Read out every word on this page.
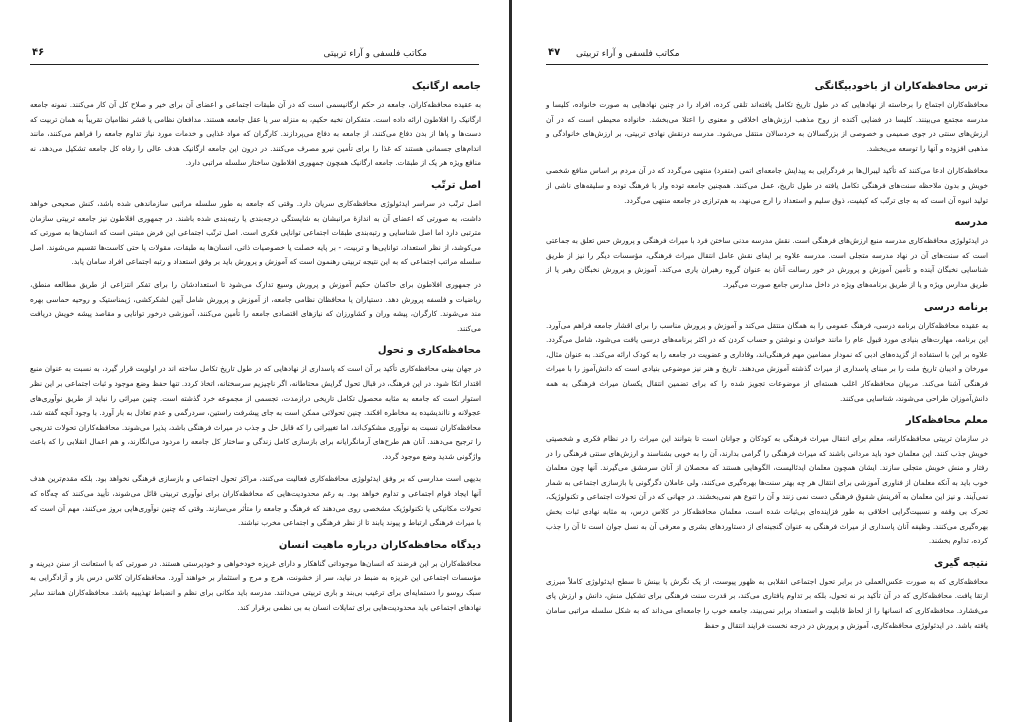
مکاتب فلسفی و آراء تربیتی
۴۶
جامعه ارگانیک

به عقیده محافظه‌کاران، جامعه در حکم ارگانیسمی است که در آن طبقات اجتماعی و اعضای آن برای خیر و صلاح کل آن کار می‌کنند. نمونه جامعه ارگانیک را افلاطون ارائه داده است. متفکران نخبه حکیم، به منزله سر یا عقل جامعه هستند. مدافعان نظامی یا قشر نظامیان تقریباً به همان تربیت که دست‌ها و پاها از بدن دفاع می‌کنند، از جامعه به دفاع می‌پردازند. کارگران که مواد غذایی و خدمات مورد نیاز تداوم جامعه را فراهم می‌کنند، مانند اندام‌های جسمانی هستند که غذا را برای تأمین نیرو مصرف می‌کنند. در درون این جامعه ارگانیک هدف عالی را رفاه کل جامعه تشکیل می‌دهد، نه منافع ویژه هر یک از طبقات. جامعه ارگانیک همچون جمهوری افلاطون ساختار سلسله مراتبی دارد.

اصل ترتّب

اصل ترتّب در سراسر ایدئولوژی محافظه‌کاری سریان دارد. وقتی که جامعه به طور سلسله مراتبی سازماندهی شده باشد، کنش صحیحی خواهد داشت، به صورتی که اعضای آن به اندازهٔ مرانبشان به شایستگی درجه‌بندی یا رتبه‌بندی شده باشند. در جمهوری افلاطون نیز جامعه تربیتی سازمان مترتبی دارد اما اصل شناسایی و رتبه‌بندی طبقات اجتماعی توانایی فکری است. اصل ترتّب اجتماعی این فرض مبتنی است که انسان‌ها به صورتی که می‌کوشد، از نظر استعداد، توانایی‌ها و تربیت، - بر پایه خصلت یا خصوصیات ذاتی، انسان‌ها به طبقات، مقولات یا حتی کاست‌ها تقسیم می‌شوند. اصل سلسله مراتب اجتماعی که به این نتیجه تربیتی رهنمون است که آموزش و پرورش باید بر وفق استعداد و رتبه اجتماعی افراد سامان یابد.

در جمهوری افلاطون برای حاکمان حکیم آموزش و پرورش وسیع تدارک می‌شود تا استعدادشان را برای تفکر انتزاعی از طریق مطالعه منطق، ریاضیات و فلسفه پرورش دهد. دستیاران یا محافظان نظامی جامعه، از آموزش و پرورش شامل آیین لشکرکشی، ژیمناستیک و روحیه حماسی بهره مند می‌شوند. کارگران، پیشه وران و کشاورزان که نیازهای اقتصادی جامعه را تأمین می‌کنند، آموزشی درخور توانایی و مقاصد پیشه خویش دریافت می‌کنند.

محافظه‌کاری و تحول

در جهان بینی محافظه‌کاری تأکید بر آن است که پاسداری از نهادهایی که در طول تاریخ تکامل ساخته اند در اولویت قرار گیرد، به نسبت به عنوان منبع اقتدار اتکا شود. در این فرهنگ، در قبال تحول گرایش محتاطانه، اگر ناچیزیم سرسختانه، اتخاذ کردد. تنها حفظ وضع موجود و ثبات اجتماعی بر این نظر استوار است که جامعه به مثابه محصول تکامل تاریخی درازمدت، تجسمی از مجموعه خرد گذشته است. چنین میراثی را نباید از طریق نوآوری‌های عجولانه و نااندیشیده به مخاطره افکند. چنین تحولاتی ممکن است به جای پیشرفت راستین، سردرگمی و عدم تعادل به بار آورد. با وجود آنچه گفته شد، محافظه‌کاران نسبت به نوآوری مشکوک‌اند، اما تغییراتی را که قابل حل و جذب در میراث فرهنگی باشد، پذیرا می‌شوند. محافظه‌کاران تحولات تدریجی را ترجیح می‌دهند. آنان هم طرح‌های آرمانگرایانه برای بازسازی کامل زندگی و ساختار کل جامعه را مردود می‌انگارند، و هم اعمال انقلابی را که باعث واژگونی شدید وضع موجود گردد.

بدیهی است مدارسی که بر وفق ایدئولوژی محافظه‌کاری فعالیت می‌کنند، مراکز تحول اجتماعی و بازسازی فرهنگی نخواهد بود. بلکه مقدم‌ترین هدف آنها ایجاد قوام اجتماعی و تداوم خواهد بود. به رغم محدودیت‌هایی که محافظه‌کاران برای نوآوری تربیتی قائل می‌شوند، تأیید می‌کنند که چه‌گاه که تحولات مکانیکی یا تکنولوژیک مشخصی روی می‌دهند که فرهنگ و جامعه را متأثر می‌سازند. وقتی که چنین نوآوری‌هایی بروز می‌کنند، مهم آن است که با میراث فرهنگی ارتباط و پیوند یابند تا از نظر فرهنگی و اجتماعی مخرب نباشند.

دیدگاه محافظه‌کاران درباره ماهیت انسان

محافظه‌کاران بر این فرضند که انسان‌ها موجوداتی گناهکار و دارای غریزه خودخواهی و خودپرستی هستند. در صورتی که با استعانت از سنن دیرینه و مؤسسات اجتماعی این غریزه به ضبط در نیاید، سر از خشونت، هرج و مرج و استثمار بر خواهند آورد. محافظه‌کاران کلاس درس باز و آزادگرایی به سبک روسو را دستمایه‌ای برای ترغیب بی‌بند و باری تربیتی می‌دانند. مدرسه باید مکانی برای نظم و انضباط تهذیبیه باشد. محافظه‌کاران همانند سایر نهادهای اجتماعی باید محدودیت‌هایی برای تمایلات انسان به بی نظمی برقرار کند.

مکاتب فلسفی و آراء تربیتی
۴۷
ترس محافظه‌کاران از باخودبیگانگی

محافظه‌کاران اجتماع را برخاسته از نهادهایی که در طول تاریخ تکامل یافته‌اند تلقی کرده، افراد را در چنین نهادهایی به صورت خانواده، کلیسا و مدرسه مجتمع می‌بینند. کلیسا در فضایی آکنده از روح مذهب ارزش‌های اخلاقی و معنوی را اعتلا می‌بخشد. خانواده محیطی است که در آن ارزش‌های سنتی در جوی صمیمی و خصوصی از بزرگسالان به خردسالان منتقل می‌شود. مدرسه درنقش نهادی تربیتی، بر ارزش‌های خانوادگی و مذهبی افزوده و آنها را توسعه می‌بخشد.

محافظه‌کاران ادعا می‌کنند که تأکید لیبرال‌ها بر فردگرایی به پیدایش جامعه‌ای اتمی (متفرد) منتهی می‌گردد که در آن مردم بر اساس منافع شخصی خویش و بدون ملاحظه سنت‌های فرهنگی تکامل یافته در طول تاریخ، عمل می‌کنند. همچنین جامعه توده وار با فرهنگ توده و سلیقه‌های ناشی از تولید انبوه آن است که به جای ترتّب که کیفیت، ذوق سلیم و استعداد را ارج می‌نهد، به هم‌ترازی در جامعه منتهی می‌گردد.

مدرسه

در ایدئولوژی محافظه‌کاری مدرسه منبع ارزش‌های فرهنگی است. نقش مدرسه مدنی ساختن فرد با میراث فرهنگی و پرورش حس تعلق به جماعتی است که سنت‌های آن در نهاد مدرسه متجلی است. مدرسه علاوه بر ایفای نقش عامل انتقال میراث فرهنگی، مؤسسات دیگر را نیز از طریق شناسایی نخبگان آینده و تأمین آموزش و پرورش در خور رسالت آنان به عنوان گروه رهبران یاری می‌کند. آموزش و پرورش نخبگان رهبر یا از طریق مدارس ویژه و یا از طریق برنامه‌های ویژه در داخل مدارس جامع صورت می‌گیرد.

برنامه درسی

به عقیده محافظه‌کاران برنامه درسی، فرهنگ عمومی را به همگان منتقل می‌کند و آموزش و پرورش مناسب را برای اقشار جامعه فراهم می‌آورد. این برنامه، مهارت‌های بنیادی مورد قبول عام را مانند خواندن و نوشتن و حساب کردن که در اکثر برنامه‌های درسی یافت می‌شود، شامل می‌گردد. علاوه بر این با استفاده از گزیده‌های ادبی که نمودار مضامین مهم فرهنگی‌اند، وفاداری و عضویت در جامعه را به کودک ارائه می‌کند. به عنوان مثال، مورخان و ادیبان تاریخ ملت را بر مبنای پاسداری از میراث گذشته آموزش می‌دهند. تاریخ و هنر نیز موضوعی بنیادی است که دانش‌آموز را با میراث فرهنگی آشنا می‌کند. مربیان محافظه‌کار اغلب هسته‌ای از موضوعات تجویز شده را که برای تضمین انتقال یکسان میراث فرهنگی به همه دانش‌آموزان طراحی می‌شوند، شناسایی می‌کنند.

معلم محافظه‌کار

در سازمان تربیتی محافظه‌کارانه، معلم برای انتقال میراث فرهنگی به کودکان و جوانان است تا بتوانند این میراث را در نظام فکری و شخصیتی خویش جذب کنند. این معلمان خود باید مردانی باشند که میراث فرهنگی را گرامی بدارند، آن را به خوبی بشناسند و ارزش‌های سنتی فرهنگی را در رفتار و منش خویش متجلی سازند. ایشان همچون معلمان ایدئالیست، الگوهایی هستند که محصلان از آنان سرمشق می‌گیرند. آنها چون معلمان خوب باید به آنکه معلمان از فناوری آموزشی برای انتقال هر چه بهتر سنت‌ها بهره‌گیری می‌کنند، ولی عاملان دگرگونی یا بازسازی اجتماعی به شمار نمی‌آیند. و نیز این معلمان به آفرینش شقوق فرهنگی دست نمی زنند و آن را تنوع هم نمی‌بخشند. در جهانی که در آن تحولات اجتماعی و تکنولوژیک، تحرک بی وقفه و نسبیت‌گرایی اخلاقی به طور فزاینده‌ای بی‌ثبات شده است، معلمان محافظه‌کار در کلاس درس، به مثابه نهادی ثبات بخش بهره‌گیری می‌کنند. وظیفه آنان پاسداری از میراث فرهنگی به عنوان گنجینه‌ای از دستاوردهای بشری و معرفی آن به نسل جوان است تا آن را جذب کرده، تداوم بخشند.

نتیجه گیری

محافظه‌کاری که به صورت عکس‌العملی در برابر تحول اجتماعی انقلابی به ظهور پیوست، از یک نگرش یا بینش تا سطح ایدئولوژی کاملاً مبرزی ارتقا یافت. محافظه‌کاری که در آن تأکید بر نه تحول، بلکه بر تداوم یافتاری می‌کند، بر قدرت سنت فرهنگی برای تشکیل منش، دانش و ارزش پای می‌فشارد. محافظه‌کاری که انسانها را از لحاظ قابلیت و استعداد برابر نمی‌بیند، جامعه خوب را جامعه‌ای می‌داند که به شکل سلسله مراتبی سامان یافته باشد. در ایدئولوژی محافظه‌کاری، آموزش و پرورش در درجه نخست فرایند انتقال و حفظ
